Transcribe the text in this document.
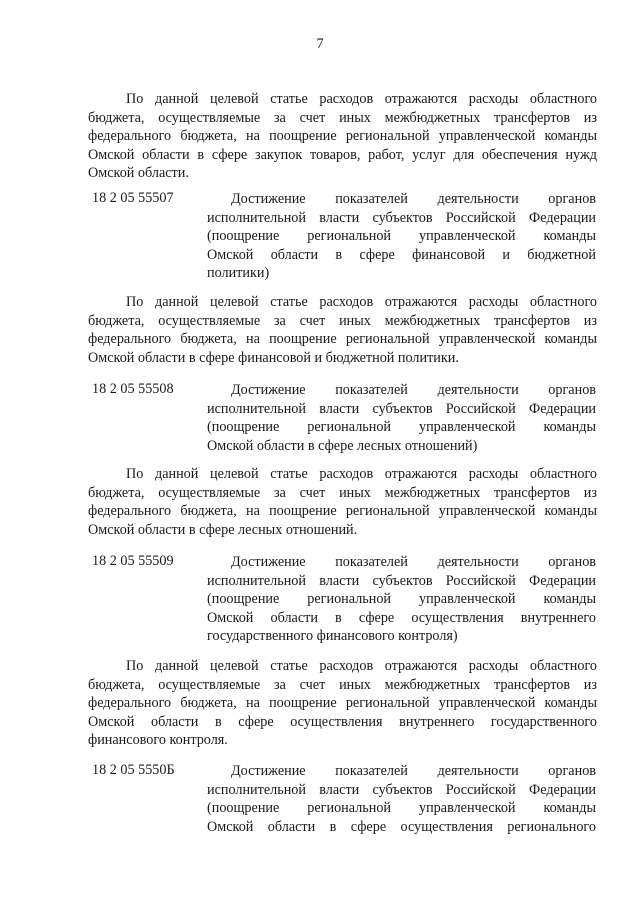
7
По данной целевой статье расходов отражаются расходы областного
бюджета, осуществляемые за счет иных межбюджетных трансфертов из
федерального бюджета, на поощрение региональной управленческой команды
Омской области в сфере закупок товаров, работ, услуг для обеспечения нужд
Омской области.
18 2 05 55507	Достижение показателей деятельности органов
исполнительной власти субъектов Российской Федерации
(поощрение региональной управленческой команды
Омской области в сфере финансовой и бюджетной
политики)
По данной целевой статье расходов отражаются расходы областного
бюджета, осуществляемые за счет иных межбюджетных трансфертов из
федерального бюджета, на поощрение региональной управленческой команды
Омской области в сфере финансовой и бюджетной политики.
18 2 05 55508	Достижение показателей деятельности органов
исполнительной власти субъектов Российской Федерации
(поощрение региональной управленческой команды
Омской области в сфере лесных отношений)
По данной целевой статье расходов отражаются расходы областного
бюджета, осуществляемые за счет иных межбюджетных трансфертов из
федерального бюджета, на поощрение региональной управленческой команды
Омской области в сфере лесных отношений.
18 2 05 55509	Достижение показателей деятельности органов
исполнительной власти субъектов Российской Федерации
(поощрение региональной управленческой команды
Омской области в сфере осуществления внутреннего
государственного финансового контроля)
По данной целевой статье расходов отражаются расходы областного
бюджета, осуществляемые за счет иных межбюджетных трансфертов из
федерального бюджета, на поощрение региональной управленческой команды
Омской области в сфере осуществления внутреннего государственного
финансового контроля.
18 2 05 5550Б	Достижение показателей деятельности органов
исполнительной власти субъектов Российской Федерации
(поощрение региональной управленческой команды
Омской области в сфере осуществления регионального
